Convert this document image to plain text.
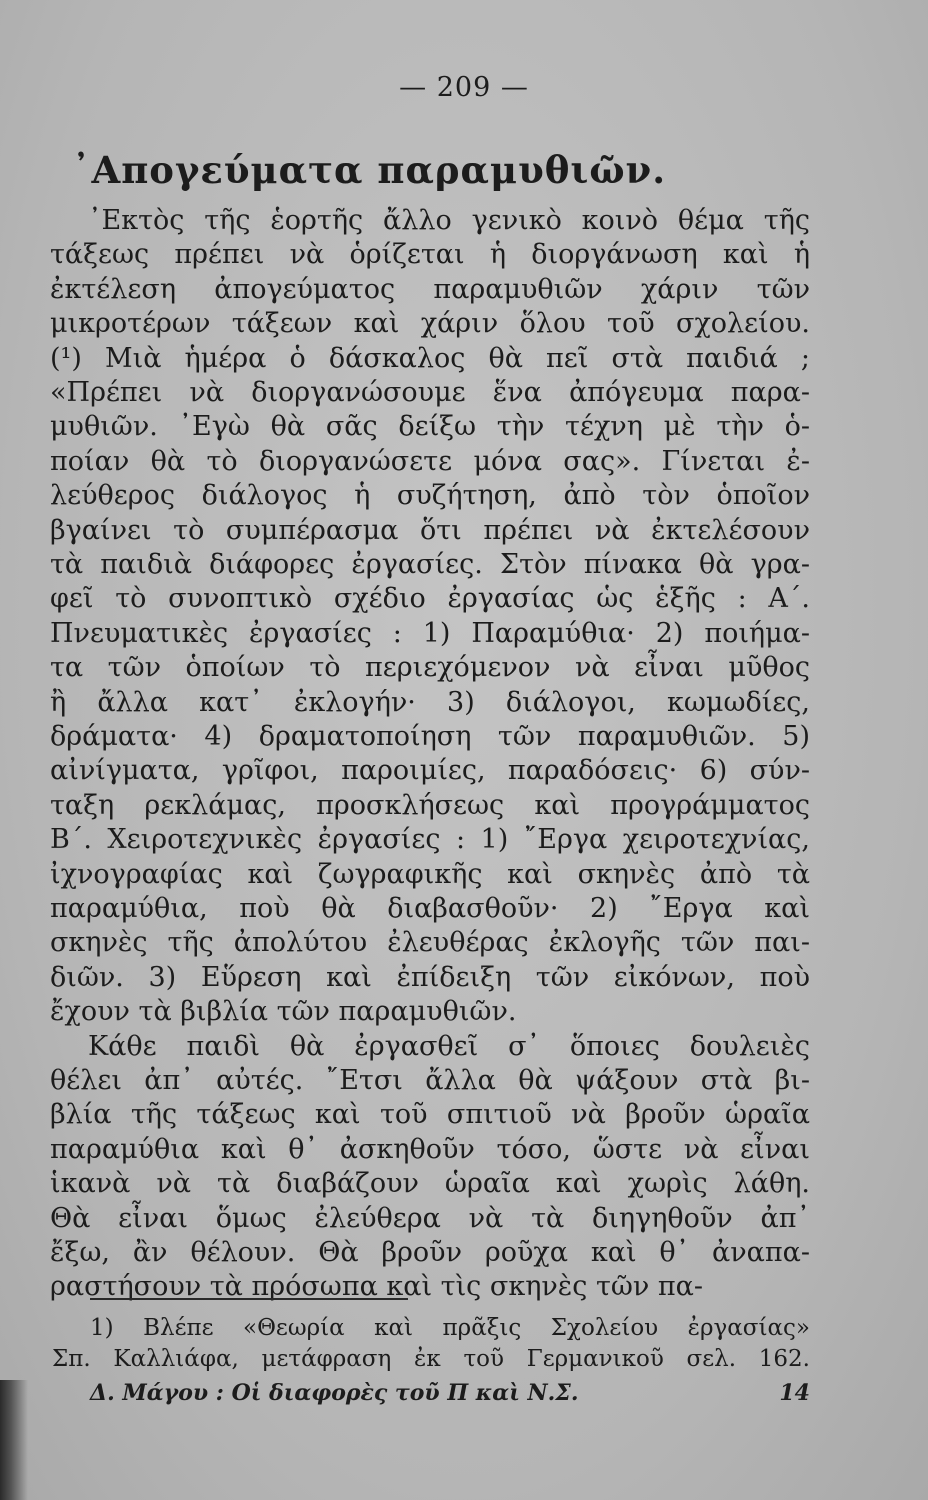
— 209 —
᾽Απογεύματα παραμυθιῶν.
᾽Εκτὸς τῆς ἑορτῆς ἄλλο γενικὸ κοινὸ θέμα τῆς
τάξεως πρέπει νὰ ὁρίζεται ἡ διοργάνωση καὶ ἡ
ἐκτέλεση ἀπογεύματος παραμυθιῶν χάριν τῶν
μικροτέρων τάξεων καὶ χάριν ὅλου τοῦ σχολείου.
(¹) Μιὰ ἡμέρα ὁ δάσκαλος θὰ πεῖ στὰ παιδιά ;
«Πρέπει νὰ διοργανώσουμε ἕνα ἀπόγευμα παρα-
μυθιῶν. ᾽Εγὼ θὰ σᾶς δείξω τὴν τέχνη μὲ τὴν ὁ-
ποίαν θὰ τὸ διοργανώσετε μόνα σας». Γίνεται ἐ-
λεύθερος διάλογος ἡ συζήτηση, ἀπὸ τὸν ὁποῖον
βγαίνει τὸ συμπέρασμα ὅτι πρέπει νὰ ἐκτελέσουν
τὰ παιδιὰ διάφορες ἐργασίες. Στὸν πίνακα θὰ γρα-
φεῖ τὸ συνοπτικὸ σχέδιο ἐργασίας ὡς ἑξῆς : Α΄.
Πνευματικὲς ἐργασίες : 1) Παραμύθια· 2) ποιήμα-
τα τῶν ὁποίων τὸ περιεχόμενον νὰ εἶναι μῦθος
ἢ ἄλλα κατ᾽ ἐκλογήν· 3) διάλογοι, κωμωδίες,
δράματα· 4) δραματοποίηση τῶν παραμυθιῶν. 5)
αἰνίγματα, γρῖφοι, παροιμίες, παραδόσεις· 6) σύν-
ταξη ρεκλάμας, προσκλήσεως καὶ προγράμματος
Β΄. Χειροτεχνικὲς ἐργασίες : 1) ῎Εργα χειροτεχνίας,
ἰχνογραφίας καὶ ζωγραφικῆς καὶ σκηνὲς ἀπὸ τὰ
παραμύθια, ποὺ θὰ διαβασθοῦν· 2) ῎Εργα καὶ
σκηνὲς τῆς ἀπολύτου ἐλευθέρας ἐκλογῆς τῶν παι-
διῶν. 3) Εὕρεση καὶ ἐπίδειξη τῶν εἰκόνων, ποὺ
ἔχουν τὰ βιβλία τῶν παραμυθιῶν.
Κάθε παιδὶ θὰ ἐργασθεῖ σ᾽ ὅποιες δουλειὲς
θέλει ἀπ᾽ αὐτές. ῎Ετσι ἄλλα θὰ ψάξουν στὰ βι-
βλία τῆς τάξεως καὶ τοῦ σπιτιοῦ νὰ βροῦν ὡραῖα
παραμύθια καὶ θ᾽ ἀσκηθοῦν τόσο, ὥστε νὰ εἶναι
ἱκανὰ νὰ τὰ διαβάζουν ὡραῖα καὶ χωρὶς λάθη.
Θὰ εἶναι ὅμως ἐλεύθερα νὰ τὰ διηγηθοῦν ἀπ᾽
ἔξω, ἂν θέλουν. Θὰ βροῦν ροῦχα καὶ θ᾽ ἀναπα-
ραστήσουν τὰ πρόσωπα καὶ τὶς σκηνὲς τῶν πα-
1) Βλέπε «Θεωρία καὶ πρᾶξις Σχολείου ἐργασίας»
Σπ. Καλλιάφα, μετάφραση ἐκ τοῦ Γερμανικοῦ σελ. 162.
Δ. Μάγου : Οἱ διαφορὲς τοῦ Π καὶ Ν.Σ.	14
